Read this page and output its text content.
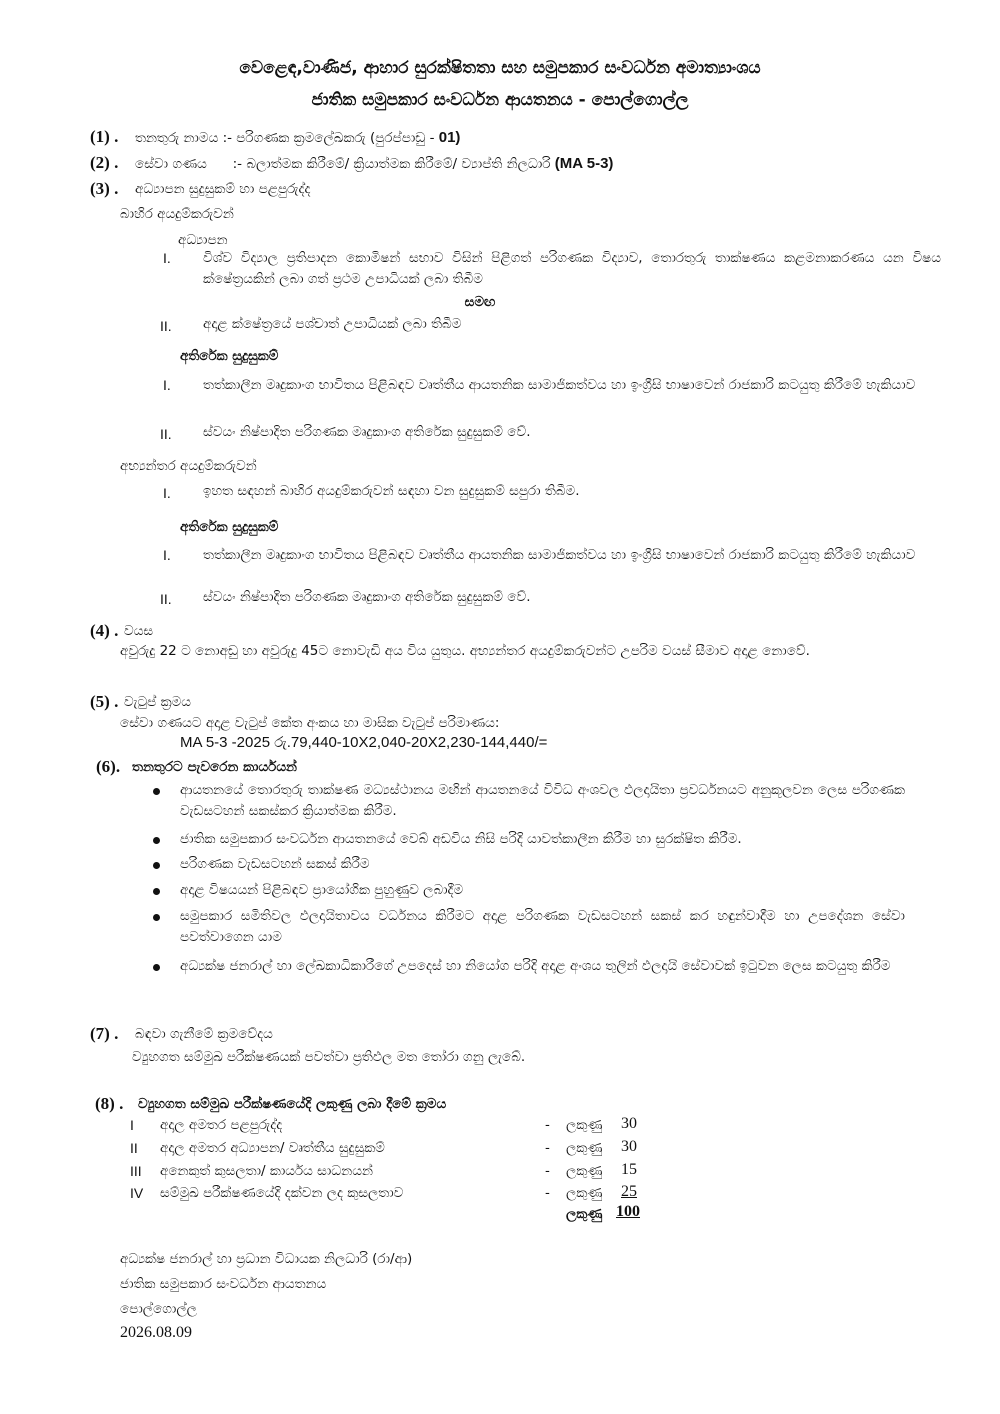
වෙළෙඳ,වාණිජ, ආහාර සුරක්ෂිතතා සහ සමුපකාර සංවර්ධන අමාත්‍යාංශය
ජාතික සමුපකාර සංවර්ධන ආයතනය - පොල්ගොල්ල
(1) . තනතුරු නාමය :- පරිගණක ක්‍රමලේඛකරු (පුරප්පාඩු - 01)
(2) . සේවා ගණය :- බලාත්මක කිරීමේ/ ක්‍රියාත්මක කිරීමේ/ ව්‍යාප්ති නිලධාරි (MA 5-3)
(3) . අධ්‍යාපන සුදුසුකම් හා පළපුරුද්ද
බාහිර අයදුම්කරුවන්
අධ්‍යාපන
I. විශ්ව විද්‍යාල ප්‍රතිපාදන කොමිෂන් සභාව විසින් පිළිගත් පරිගණක විද්‍යාව, තොරතුරු තාක්ෂණය කළමනාකරණය යන විෂය ක්ෂේත්‍රයකින් ලබා ගත් ප්‍රථම උපාධියක් ලබා තිබීම
සමඟ
II. අදාළ ක්ෂේත්‍රයේ පශ්චාත් උපාධියක් ලබා තිබීම
අතිරේක සුදුසුකම්
I. තත්කාලීන මෘදුකාංග භාවිතය පිළිබඳව වෘත්තීය ආයතනික සාමාජිකත්වය හා ඉංග්‍රීසි භාෂාවෙන් රාජකාරි කටයුතු කිරීමේ හැකියාව
II. ස්වයං නිෂ්පාදිත පරිගණක මෘදුකාංග අතිරේක සුදුසුකම් වේ.
අභ්‍යන්තර අයදුම්කරුවන්
I. ඉහත සඳහන් බාහිර අයදුම්කරුවන් සඳහා වන සුදුසුකම් සපුරා තිබීම.
අතිරේක සුදුසුකම්
I. තත්කාලීන මෘදුකාංග භාවිතය පිළිබඳව වෘත්තීය ආයතනික සාමාජිකත්වය හා ඉංග්‍රීසි භාෂාවෙන් රාජකාරි කටයුතු කිරීමේ හැකියාව
II. ස්වයං නිෂ්පාදිත පරිගණක මෘදුකාංග අතිරේක සුදුසුකම් වේ.
(4) . වයස
අවුරුදු 22 ට නොඅඩු හා අවුරුදු 45ට නොවැඩි අය විය යුතුය. අභ්‍යන්තර අයදුම්කරුවන්ට උපරිම වයස් සීමාව අදාළ නොවේ.
(5) . වැටුප් ක්‍රමය
සේවා ගණයට අදාළ වැටුප් කේත අංකය හා මාසික වැටුප් පරිමාණය:
MA 5-3 -2025 රු.79,440-10X2,040-20X2,230-144,440/=
(6). තනතුරට පැවරෙන කාර්යයන්
ආයතනයේ තොරතුරු තාක්ෂණ මධ්‍යස්ථානය මඟින් ආයතනයේ විවිධ අංශවල ඵලදායිතා ප්‍රවර්ධනයට අනුකූලවන ලෙස පරිගණක වැඩසටහන් සකස්කර ක්‍රියාත්මක කිරීම.
ජාතික සමුපකාර සංවර්ධන ආයතනයේ වෙබ් අඩවිය නිසි පරිදි යාවත්කාලීන කිරීම හා සුරක්ෂිත කිරීම.
පරිගණක වැඩසටහන් සකස් කිරීම
අදාළ විෂයයන් පිළිබඳව ප්‍රායෝගික පුහුණුව ලබාදීම
සමුපකාර සමිතිවල ඵලදායිතාවය වර්ධනය කිරීමට අදාළ පරිගණක වැඩසටහන් සකස් කර හඳුන්වාදීම හා උපදේශන සේවා පවත්වාගෙන යාම
අධ්‍යක්ෂ ජනරාල් හා ලේඛකාධිකාරීගේ උපදෙස් හා නියෝග පරිදි අදාළ අංශය තුලින් ඵලදායි සේවාවක් ඉටුවන ලෙස කටයුතු කිරීම
(7) . බඳවා ගැනීමේ ක්‍රමවේදය
ව්‍යුහගත සම්මුඛ පරීක්ෂණයක් පවත්වා ප්‍රතිඵල මත තෝරා ගනු ලැබේ.
(8) . ව්‍යුහගත සම්මුඛ පරීක්ෂණයේදි ලකුණු ලබා දීමේ ක්‍රමය
I අදාල අමතර පළපුරුද්ද	- ලකුණු 30
II අදාල අමතර අධ්‍යාපන/ වෘත්තීය සුදුසුකම්	- ලකුණු 30
III අනෙකුත් කුසලතා/ කාර්යය සාධනයන්	- ලකුණු 15
IV සම්මුඛ පරීක්ෂණයේදි දක්වන ලද කුසලතාව	- ලකුණු 25
ලකුණු 100
අධ්‍යක්ෂ ජනරාල් හා ප්‍රධාන විධායක නිලධාරි (රා/ආ)
ජාතික සමුපකාර සංවර්ධන ආයතනය
පොල්ගොල්ල
2026.08.09
